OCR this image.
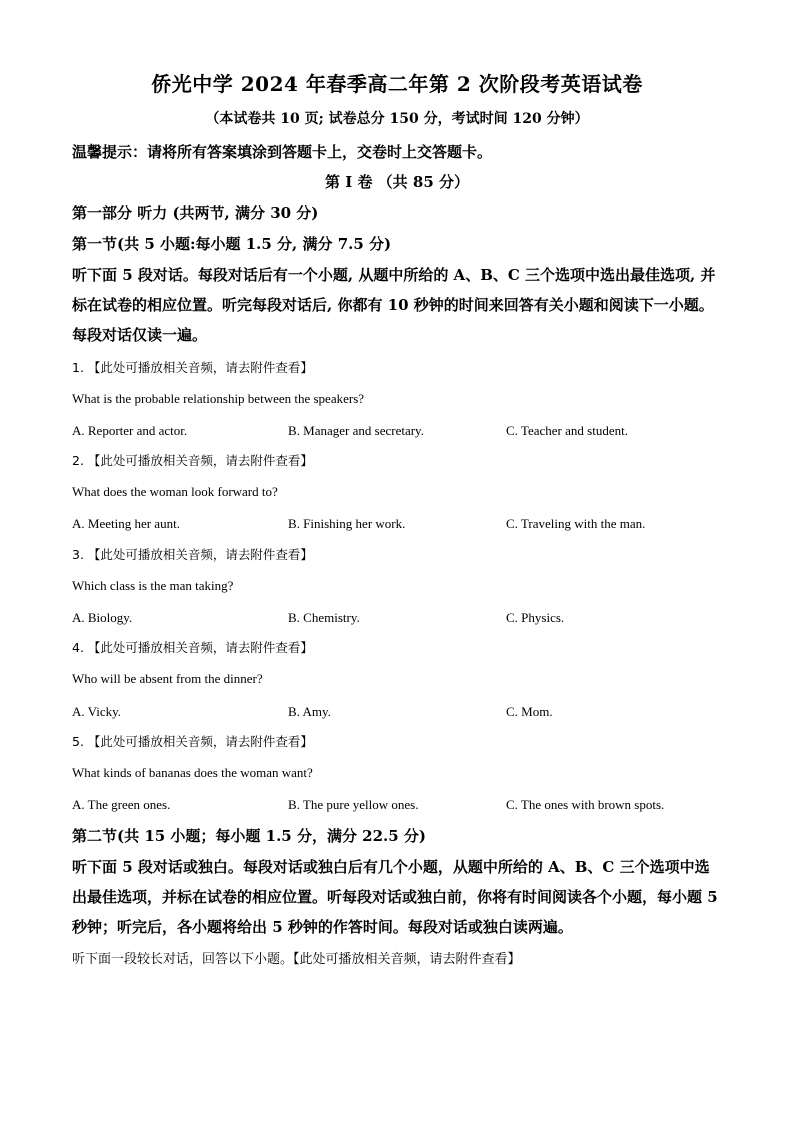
侨光中学 2024 年春季高二年第 2 次阶段考英语试卷
（本试卷共 10 页; 试卷总分 150 分，考试时间 120 分钟）
温馨提示：请将所有答案填涂到答题卡上，交卷时上交答题卡。
第 I 卷 （共 85 分）
第一部分 听力 (共两节, 满分 30 分)
第一节(共 5 小题:每小题 1.5 分, 满分 7.5 分)
听下面 5 段对话。每段对话后有一个小题, 从题中所给的 A、B、C 三个选项中选出最佳选项, 并标在试卷的相应位置。听完每段对话后, 你都有 10 秒钟的时间来回答有关小题和阅读下一小题。每段对话仅读一遍。
1. 【此处可播放相关音频，请去附件查看】
What is the probable relationship between the speakers?
A. Reporter and actor.	B. Manager and secretary.	C. Teacher and student.
2. 【此处可播放相关音频，请去附件查看】
What does the woman look forward to?
A. Meeting her aunt.	B. Finishing her work.	C. Traveling with the man.
3. 【此处可播放相关音频，请去附件查看】
Which class is the man taking?
A. Biology.	B. Chemistry.	C. Physics.
4. 【此处可播放相关音频，请去附件查看】
Who will be absent from the dinner?
A. Vicky.	B. Amy.	C. Mom.
5. 【此处可播放相关音频，请去附件查看】
What kinds of bananas does the woman want?
A. The green ones.	B. The pure yellow ones.	C. The ones with brown spots.
第二节(共 15 小题；每小题 1.5 分，满分 22.5 分)
听下面 5 段对话或独白。每段对话或独白后有几个小题，从题中所给的 A、B、C 三个选项中选出最佳选项，并标在试卷的相应位置。听每段对话或独白前，你将有时间阅读各个小题，每小题 5 秒钟；听完后，各小题将给出 5 秒钟的作答时间。每段对话或独白读两遍。
听下面一段较长对话，回答以下小题。【此处可播放相关音频，请去附件查看】
